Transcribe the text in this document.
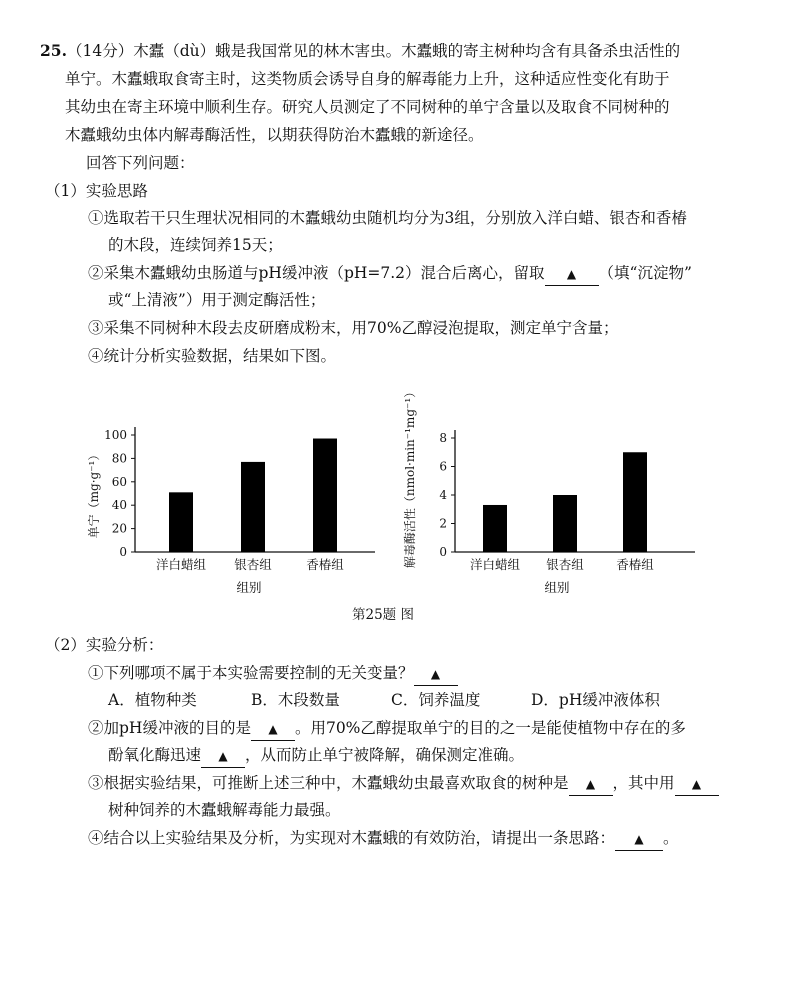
25.（14分）木蠹（dù）蛾是我国常见的林木害虫。木蠹蛾的寄主树种均含有具备杀虫活性的
单宁。木蠹蛾取食寄主时，这类物质会诱导自身的解毒能力上升，这种适应性变化有助于
其幼虫在寄主环境中顺利生存。研究人员测定了不同树种的单宁含量以及取食不同树种的
木蠹蛾幼虫体内解毒酶活性，以期获得防治木蠹蛾的新途径。
回答下列问题：
（1）实验思路
①选取若干只生理状况相同的木蠹蛾幼虫随机均分为3组，分别放入洋白蜡、银杏和香椿
的木段，连续饲养15天；
②采集木蠹蛾幼虫肠道与pH缓冲液（pH=7.2）混合后离心，留取 ▲ （填“沉淀物”
或“上清液”）用于测定酶活性；
③采集不同树种木段去皮研磨成粉末，用70%乙醇浸泡提取，测定单宁含量；
④统计分析实验数据，结果如下图。
0
20
40
60
80
100
洋白蜡组 银杏组	香椿组
组别
单宁（mg·g⁻¹）
0
2
4
6
8
洋白蜡组 银杏组	香椿组
组别
解毒酶活性（nmol·min⁻¹mg⁻¹）
第25题 图
（2）实验分析：
①下列哪项不属于本实验需要控制的无关变量？ ▲
A．植物种类	B．木段数量	C．饲养温度	D．pH缓冲液体积
②加pH缓冲液的目的是 ▲ 。用70%乙醇提取单宁的目的之一是能使植物中存在的多
酚氧化酶迅速 ▲ ，从而防止单宁被降解，确保测定准确。
③根据实验结果，可推断上述三种中，木蠹蛾幼虫最喜欢取食的树种是 ▲ ，其中用 ▲
树种饲养的木蠹蛾解毒能力最强。
④结合以上实验结果及分析，为实现对木蠹蛾的有效防治，请提出一条思路： ▲ 。
